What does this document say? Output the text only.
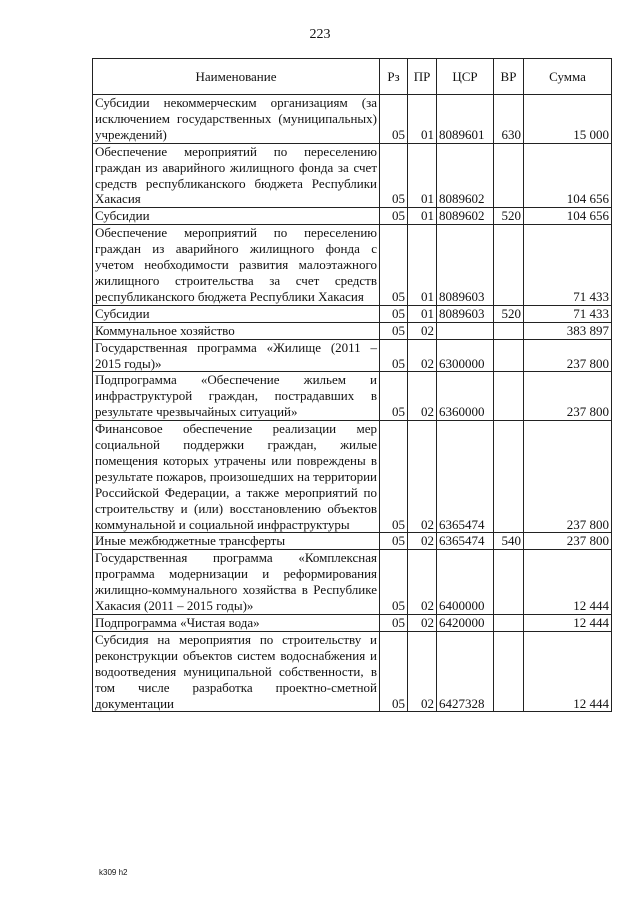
223
Наименование	Рз	ПР	ЦСР	ВР	Сумма
Субсидии некоммерческим организациям (за исключением государственных (муниципальных) учреждений)	05	01	8089601	630	15 000
Обеспечение мероприятий по переселению граждан из аварийного жилищного фонда за счет средств республиканского бюджета Республики Хакасия	05	01	8089602		104 656
Субсидии	05	01	8089602	520	104 656
Обеспечение мероприятий по переселению граждан из аварийного жилищного фонда с учетом необходимости развития малоэтажного жилищного строительства за счет средств республиканского бюджета Республики Хакасия	05	01	8089603		71 433
Субсидии	05	01	8089603	520	71 433
Коммунальное хозяйство	05	02			383 897
Государственная программа «Жилище (2011 – 2015 годы)»	05	02	6300000		237 800
Подпрограмма «Обеспечение жильем и инфраструктурой граждан, пострадавших в результате чрезвычайных ситуаций»	05	02	6360000		237 800
Финансовое обеспечение реализации мер социальной поддержки граждан, жилые помещения которых утрачены или повреждены в результате пожаров, произошедших на территории Российской Федерации, а также мероприятий по строительству и (или) восстановлению объектов коммунальной и социальной инфраструктуры	05	02	6365474		237 800
Иные межбюджетные трансферты	05	02	6365474	540	237 800
Государственная программа «Комплексная программа модернизации и реформирования жилищно-коммунального хозяйства в Республике Хакасия (2011 – 2015 годы)»	05	02	6400000		12 444
Подпрограмма «Чистая вода»	05	02	6420000		12 444
Субсидия на мероприятия по строительству и реконструкции объектов систем водоснабжения и водоотведения муниципальной собственности, в том числе разработка проектно-сметной документации	05	02	6427328		12 444
k309 h2
